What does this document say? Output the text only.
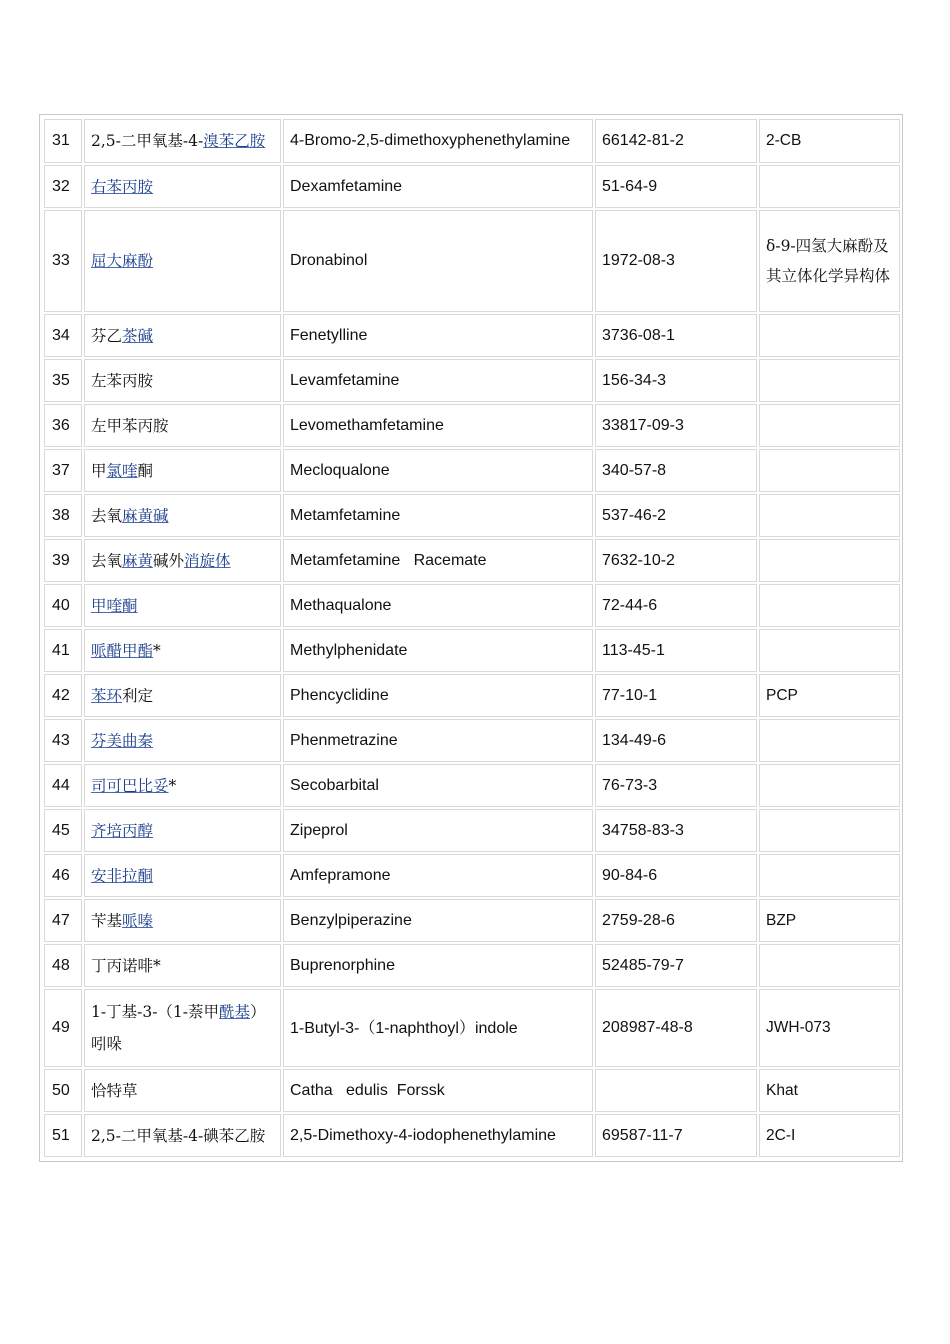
31	2,5-二甲氧基-4-溴苯乙胺	4-Bromo-2,5-dimethoxyphenethylamine	66142-81-2	2-CB
32	右苯丙胺	Dexamfetamine	51-64-9	
33	屈大麻酚	Dronabinol	1972-08-3	δ-9-四氢大麻酚及其立体化学异构体
34	芬乙茶碱	Fenetylline	3736-08-1	
35	左苯丙胺	Levamfetamine	156-34-3	
36	左甲苯丙胺	Levomethamfetamine	33817-09-3	
37	甲氯喹酮	Mecloqualone	340-57-8	
38	去氧麻黄碱	Metamfetamine	537-46-2	
39	去氧麻黄碱外消旋体	Metamfetamine   Racemate	7632-10-2	
40	甲喹酮	Methaqualone	72-44-6	
41	哌醋甲酯*	Methylphenidate	113-45-1	
42	苯环利定	Phencyclidine	77-10-1	PCP
43	芬美曲秦	Phenmetrazine	134-49-6	
44	司可巴比妥*	Secobarbital	76-73-3	
45	齐培丙醇	Zipeprol	34758-83-3	
46	安非拉酮	Amfepramone	90-84-6	
47	苄基哌嗪	Benzylpiperazine	2759-28-6	BZP
48	丁丙诺啡*	Buprenorphine	52485-79-7	
49	1-丁基-3-（1-萘甲酰基）吲哚	1-Butyl-3-（1-naphthoyl）indole	208987-48-8	JWH-073
50	恰特草	Catha   edulis  Forssk		Khat
51	2,5-二甲氧基-4-碘苯乙胺	2,5-Dimethoxy-4-iodophenethylamine	69587-11-7	2C-I
